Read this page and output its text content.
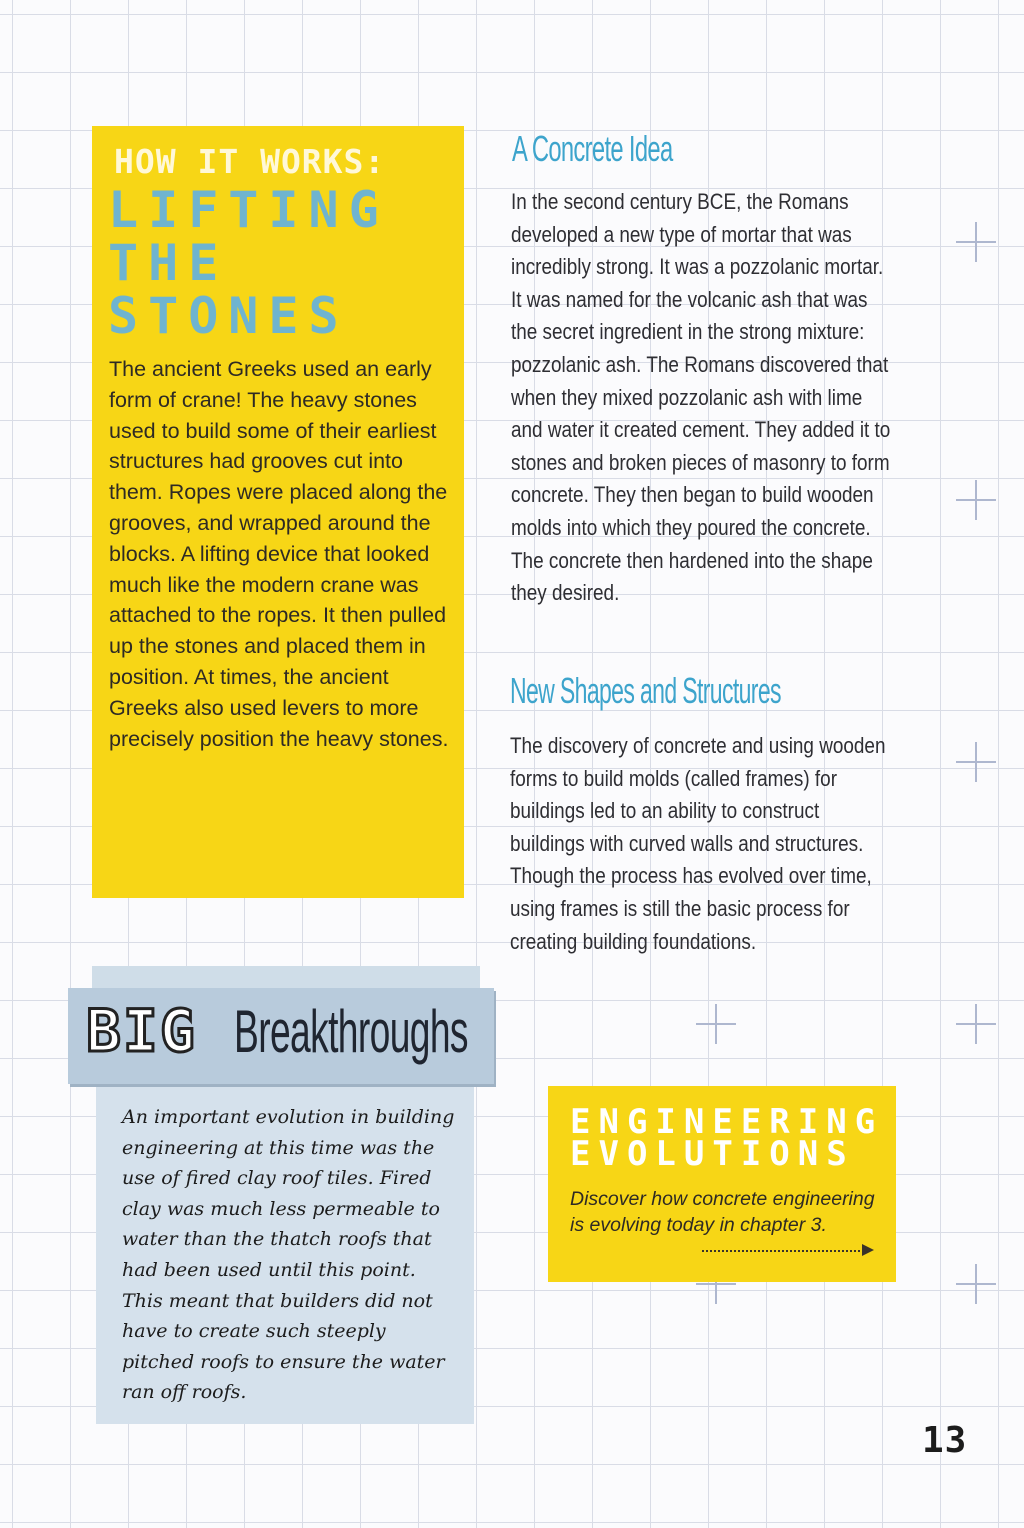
HOW IT WORKS:
LIFTING THE STONES

The ancient Greeks used an early form of crane! The heavy stones used to build some of their earliest structures had grooves cut into them. Ropes were placed along the grooves, and wrapped around the blocks. A lifting device that looked much like the modern crane was attached to the ropes. It then pulled up the stones and placed them in position. At times, the ancient Greeks also used levers to more precisely position the heavy stones.

A Concrete Idea

In the second century BCE, the Romans developed a new type of mortar that was incredibly strong. It was a pozzolanic mortar. It was named for the volcanic ash that was the secret ingredient in the strong mixture: pozzolanic ash. The Romans discovered that when they mixed pozzolanic ash with lime and water it created cement. They added it to stones and broken pieces of masonry to form concrete. They then began to build wooden molds into which they poured the concrete. The concrete then hardened into the shape they desired.

New Shapes and Structures

The discovery of concrete and using wooden forms to build molds (called frames) for buildings led to an ability to construct buildings with curved walls and structures. Though the process has evolved over time, using frames is still the basic process for creating building foundations.

An important evolution in building engineering at this time was the use of fired clay roof tiles. Fired clay was much less permeable to water than the thatch roofs that had been used until this point. This meant that builders did not have to create such steeply pitched roofs to ensure the water ran off roofs.

BIG Breakthroughs
ENGINEERING EVOLUTIONS

Discover how concrete engineering is evolving today in chapter 3.

13
